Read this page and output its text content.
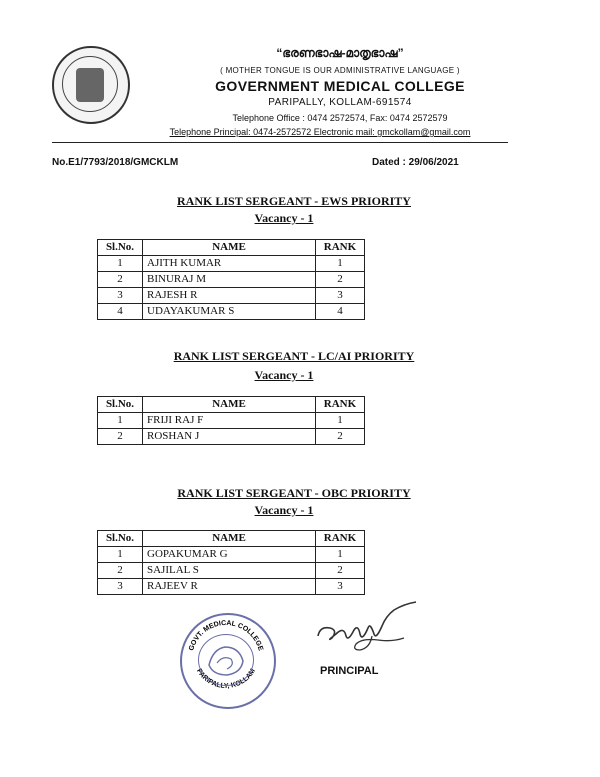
“ഭരണഭാഷ-മാതൃഭാഷ”
( MOTHER TONGUE IS OUR ADMINISTRATIVE LANGUAGE )
GOVERNMENT MEDICAL COLLEGE
PARIPALLY, KOLLAM-691574
Telephone Office : 0474 2572574, Fax: 0474 2572579
Telephone Principal: 0474-2572572 Electronic mail: gmckollam@gmail.com
No.E1/7793/2018/GMCKLM	Dated : 29/06/2021
RANK LIST SERGEANT - EWS PRIORITY
Vacancy - 1
Sl.No.	NAME	RANK
1	AJITH KUMAR	1
2	BINURAJ M	2
3	RAJESH R	3
4	UDAYAKUMAR S	4
RANK LIST SERGEANT - LC/AI PRIORITY
Vacancy - 1
Sl.No.	NAME	RANK
1	FRIJI RAJ F	1
2	ROSHAN J	2
RANK LIST SERGEANT - OBC PRIORITY
Vacancy - 1
Sl.No.	NAME	RANK
1	GOPAKUMAR G	1
2	SAJILAL S	2
3	RAJEEV R	3
GOVT. MEDICAL COLLEGE
PARIPALLY, KOLLAM	PRINCIPAL
